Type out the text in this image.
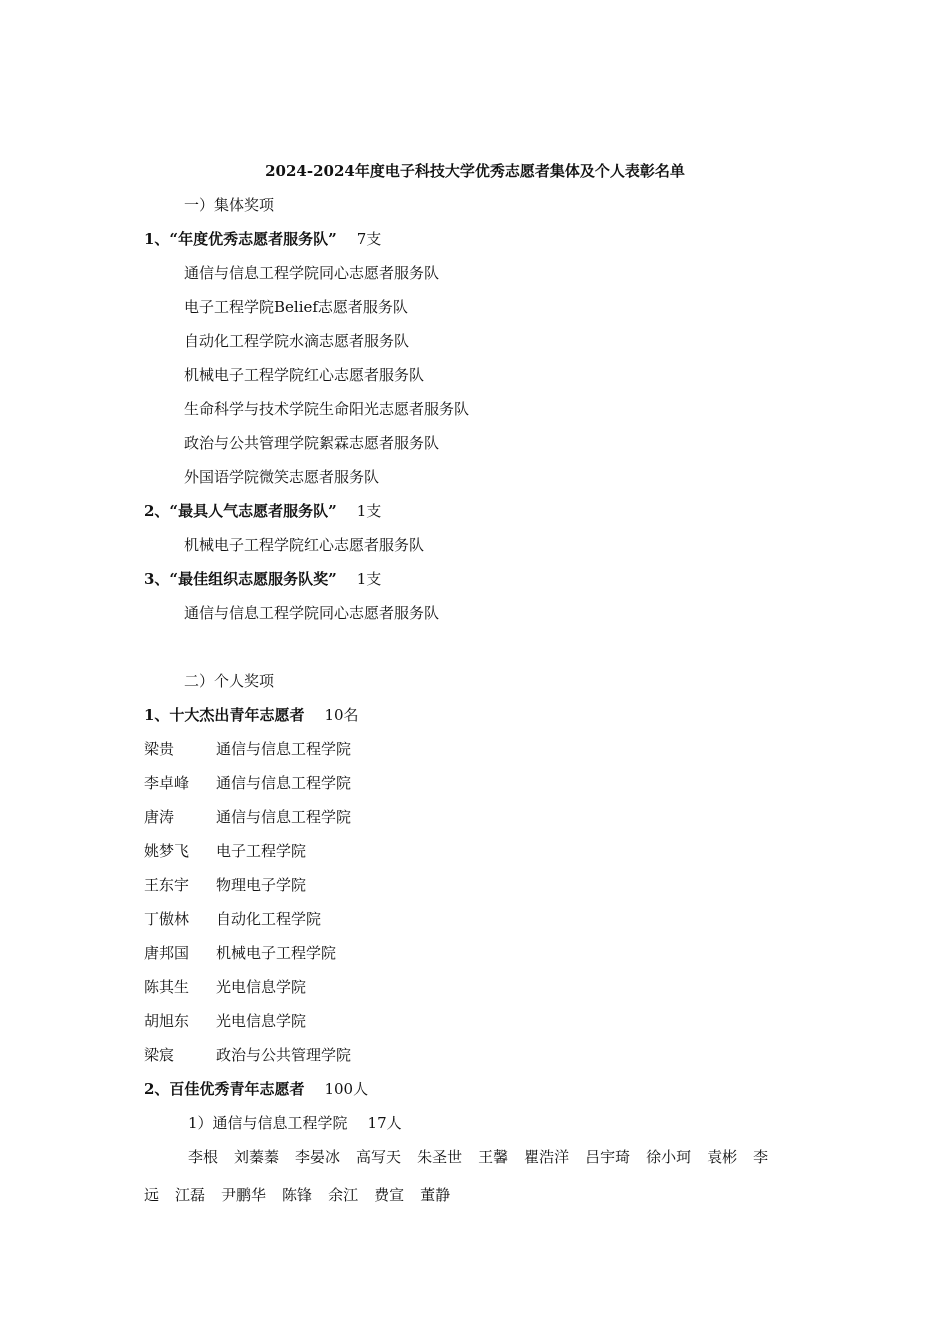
2024-2024年度电子科技大学优秀志愿者集体及个人表彰名单
一）集体奖项
1、“年度优秀志愿者服务队” 7支
通信与信息工程学院同心志愿者服务队
电子工程学院Belief志愿者服务队
自动化工程学院水滴志愿者服务队
机械电子工程学院红心志愿者服务队
生命科学与技术学院生命阳光志愿者服务队
政治与公共管理学院絮霖志愿者服务队
外国语学院微笑志愿者服务队
2、“最具人气志愿者服务队” 1支
机械电子工程学院红心志愿者服务队
3、“最佳组织志愿服务队奖” 1支
通信与信息工程学院同心志愿者服务队
二）个人奖项
1、十大杰出青年志愿者 10名
梁贵	通信与信息工程学院
李卓峰 通信与信息工程学院
唐涛	通信与信息工程学院
姚梦飞 电子工程学院
王东宇 物理电子学院
丁傲林 自动化工程学院
唐邦国 机械电子工程学院
陈其生 光电信息学院
胡旭东 光电信息学院
梁宸	政治与公共管理学院
2、百佳优秀青年志愿者 100人
1）通信与信息工程学院 17人
李根 刘蓁蓁 李晏冰 高写天 朱圣世 王馨 瞿浩洋 吕宇琦 徐小珂 袁彬 李
远 江磊 尹鹏华 陈锋 余江 费宣 董静
